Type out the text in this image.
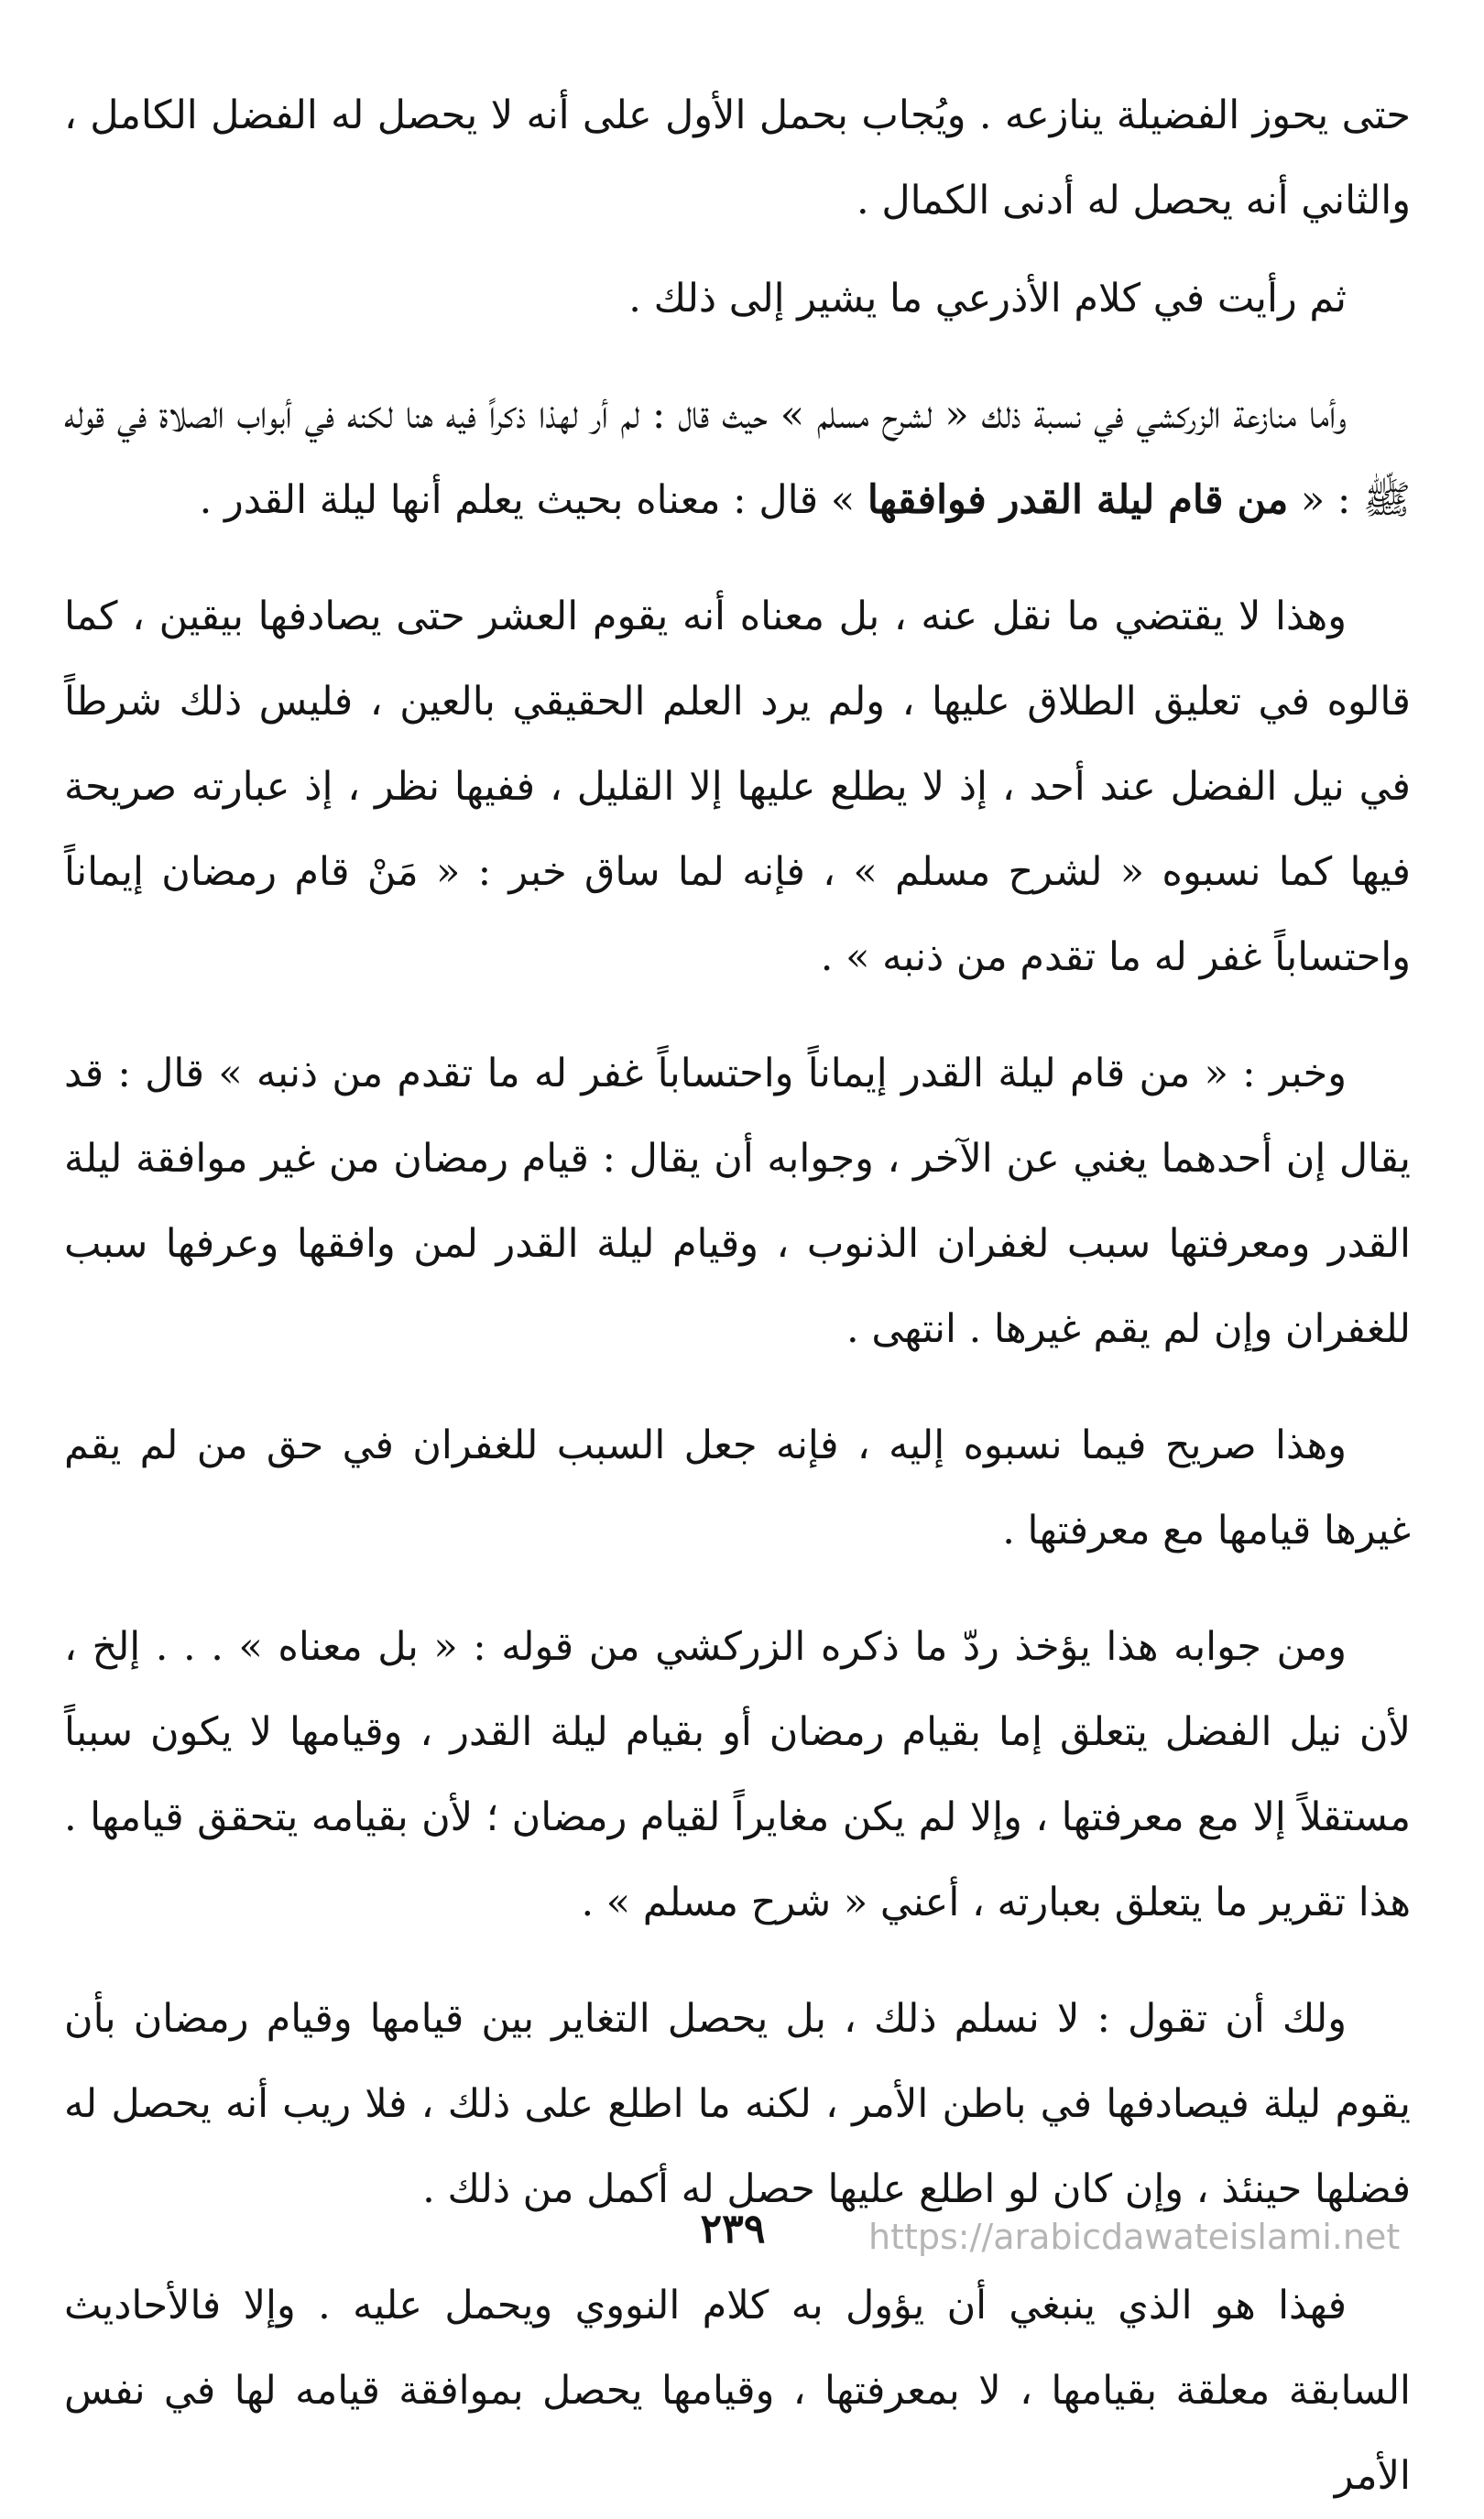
حتى يحوز الفضيلة ينازعه . ويُجاب بحمل الأول على أنه لا يحصل له الفضل الكامل ، والثاني أنه يحصل له أدنى الكمال .

ثم رأيت في كلام الأذرعي ما يشير إلى ذلك .

وأما منازعة الزركشي في نسبة ذلك « لشرح مسلم » حيث قال : لم أر لهذا ذكراً فيه هنا لكنه في أبواب الصلاة في قوله ﷺ : « من قام ليلة القدر فوافقها » قال : معناه بحيث يعلم أنها ليلة القدر .

وهذا لا يقتضي ما نقل عنه ، بل معناه أنه يقوم العشر حتى يصادفها بيقين ، كما قالوه في تعليق الطلاق عليها ، ولم يرد العلم الحقيقي بالعين ، فليس ذلك شرطاً في نيل الفضل عند أحد ، إذ لا يطلع عليها إلا القليل ، ففيها نظر ، إذ عبارته صريحة فيها كما نسبوه « لشرح مسلم » ، فإنه لما ساق خبر : « مَنْ قام رمضان إيماناً واحتساباً غفر له ما تقدم من ذنبه » .

وخبر : « من قام ليلة القدر إيماناً واحتساباً غفر له ما تقدم من ذنبه » قال : قد يقال إن أحدهما يغني عن الآخر ، وجوابه أن يقال : قيام رمضان من غير موافقة ليلة القدر ومعرفتها سبب لغفران الذنوب ، وقيام ليلة القدر لمن وافقها وعرفها سبب للغفران وإن لم يقم غيرها . انتهى .

وهذا صريح فيما نسبوه إليه ، فإنه جعل السبب للغفران في حق من لم يقم غيرها قيامها مع معرفتها .

ومن جوابه هذا يؤخذ ردّ ما ذكره الزركشي من قوله : « بل معناه » . . . إلخ ، لأن نيل الفضل يتعلق إما بقيام رمضان أو بقيام ليلة القدر ، وقيامها لا يكون سبباً مستقلاً إلا مع معرفتها ، وإلا لم يكن مغايراً لقيام رمضان ؛ لأن بقيامه يتحقق قيامها . هذا تقرير ما يتعلق بعبارته ، أعني « شرح مسلم » .

ولك أن تقول : لا نسلم ذلك ، بل يحصل التغاير بين قيامها وقيام رمضان بأن يقوم ليلة فيصادفها في باطن الأمر ، لكنه ما اطلع على ذلك ، فلا ريب أنه يحصل له فضلها حينئذ ، وإن كان لو اطلع عليها حصل له أكمل من ذلك .

فهذا هو الذي ينبغي أن يؤول به كلام النووي ويحمل عليه . وإلا فالأحاديث السابقة معلقة بقيامها ، لا بمعرفتها ، وقيامها يحصل بموافقة قيامه لها في نفس الأمر

٢٣٩	https://arabicdawateislami.net
